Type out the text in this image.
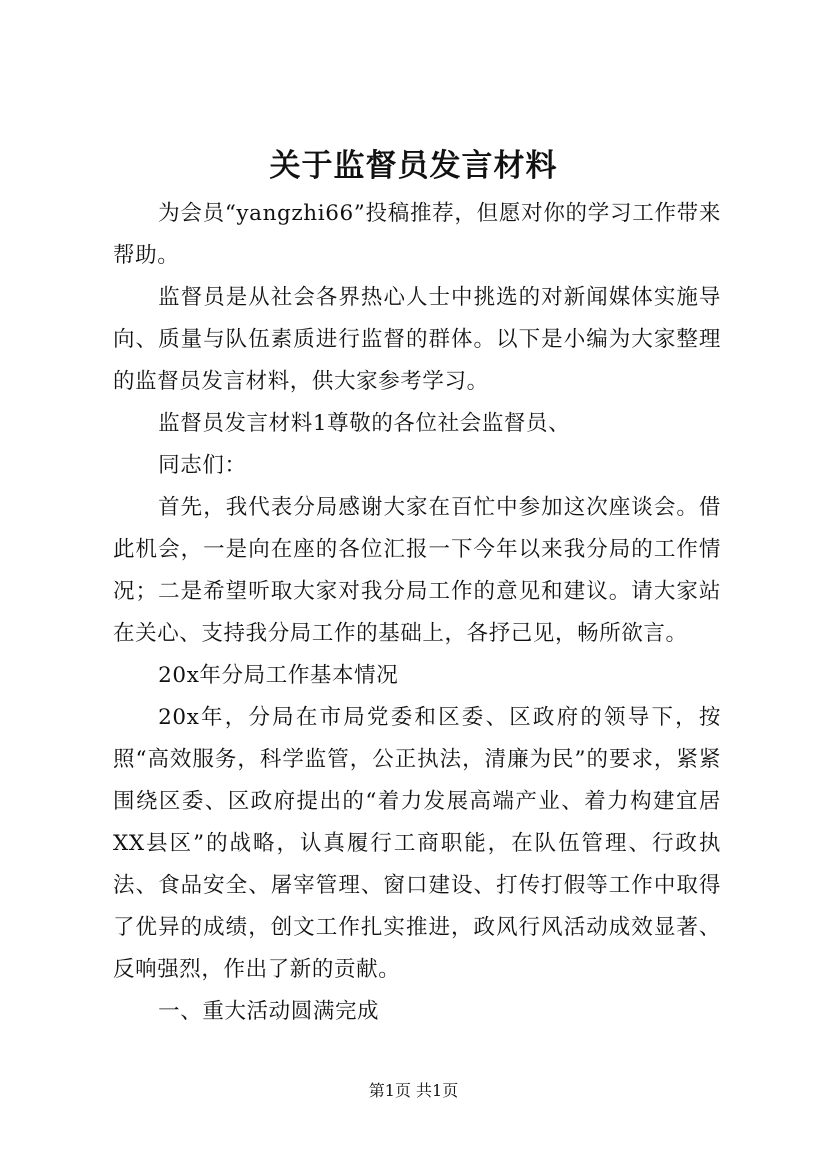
关于监督员发言材料

为会员“yangzhi66”投稿推荐，但愿对你的学习工作带来帮助。

监督员是从社会各界热心人士中挑选的对新闻媒体实施导向、质量与队伍素质进行监督的群体。以下是小编为大家整理的监督员发言材料，供大家参考学习。

监督员发言材料1尊敬的各位社会监督员、

同志们：

首先，我代表分局感谢大家在百忙中参加这次座谈会。借此机会，一是向在座的各位汇报一下今年以来我分局的工作情况；二是希望听取大家对我分局工作的意见和建议。请大家站在关心、支持我分局工作的基础上，各抒己见，畅所欲言。

20x年分局工作基本情况

20x年，分局在市局党委和区委、区政府的领导下，按照“高效服务，科学监管，公正执法，清廉为民”的要求，紧紧围绕区委、区政府提出的“着力发展高端产业、着力构建宜居XX县区”的战略，认真履行工商职能，在队伍管理、行政执法、食品安全、屠宰管理、窗口建设、打传打假等工作中取得了优异的成绩，创文工作扎实推进，政风行风活动成效显著、反响强烈，作出了新的贡献。

一、重大活动圆满完成

第1页 共1页
